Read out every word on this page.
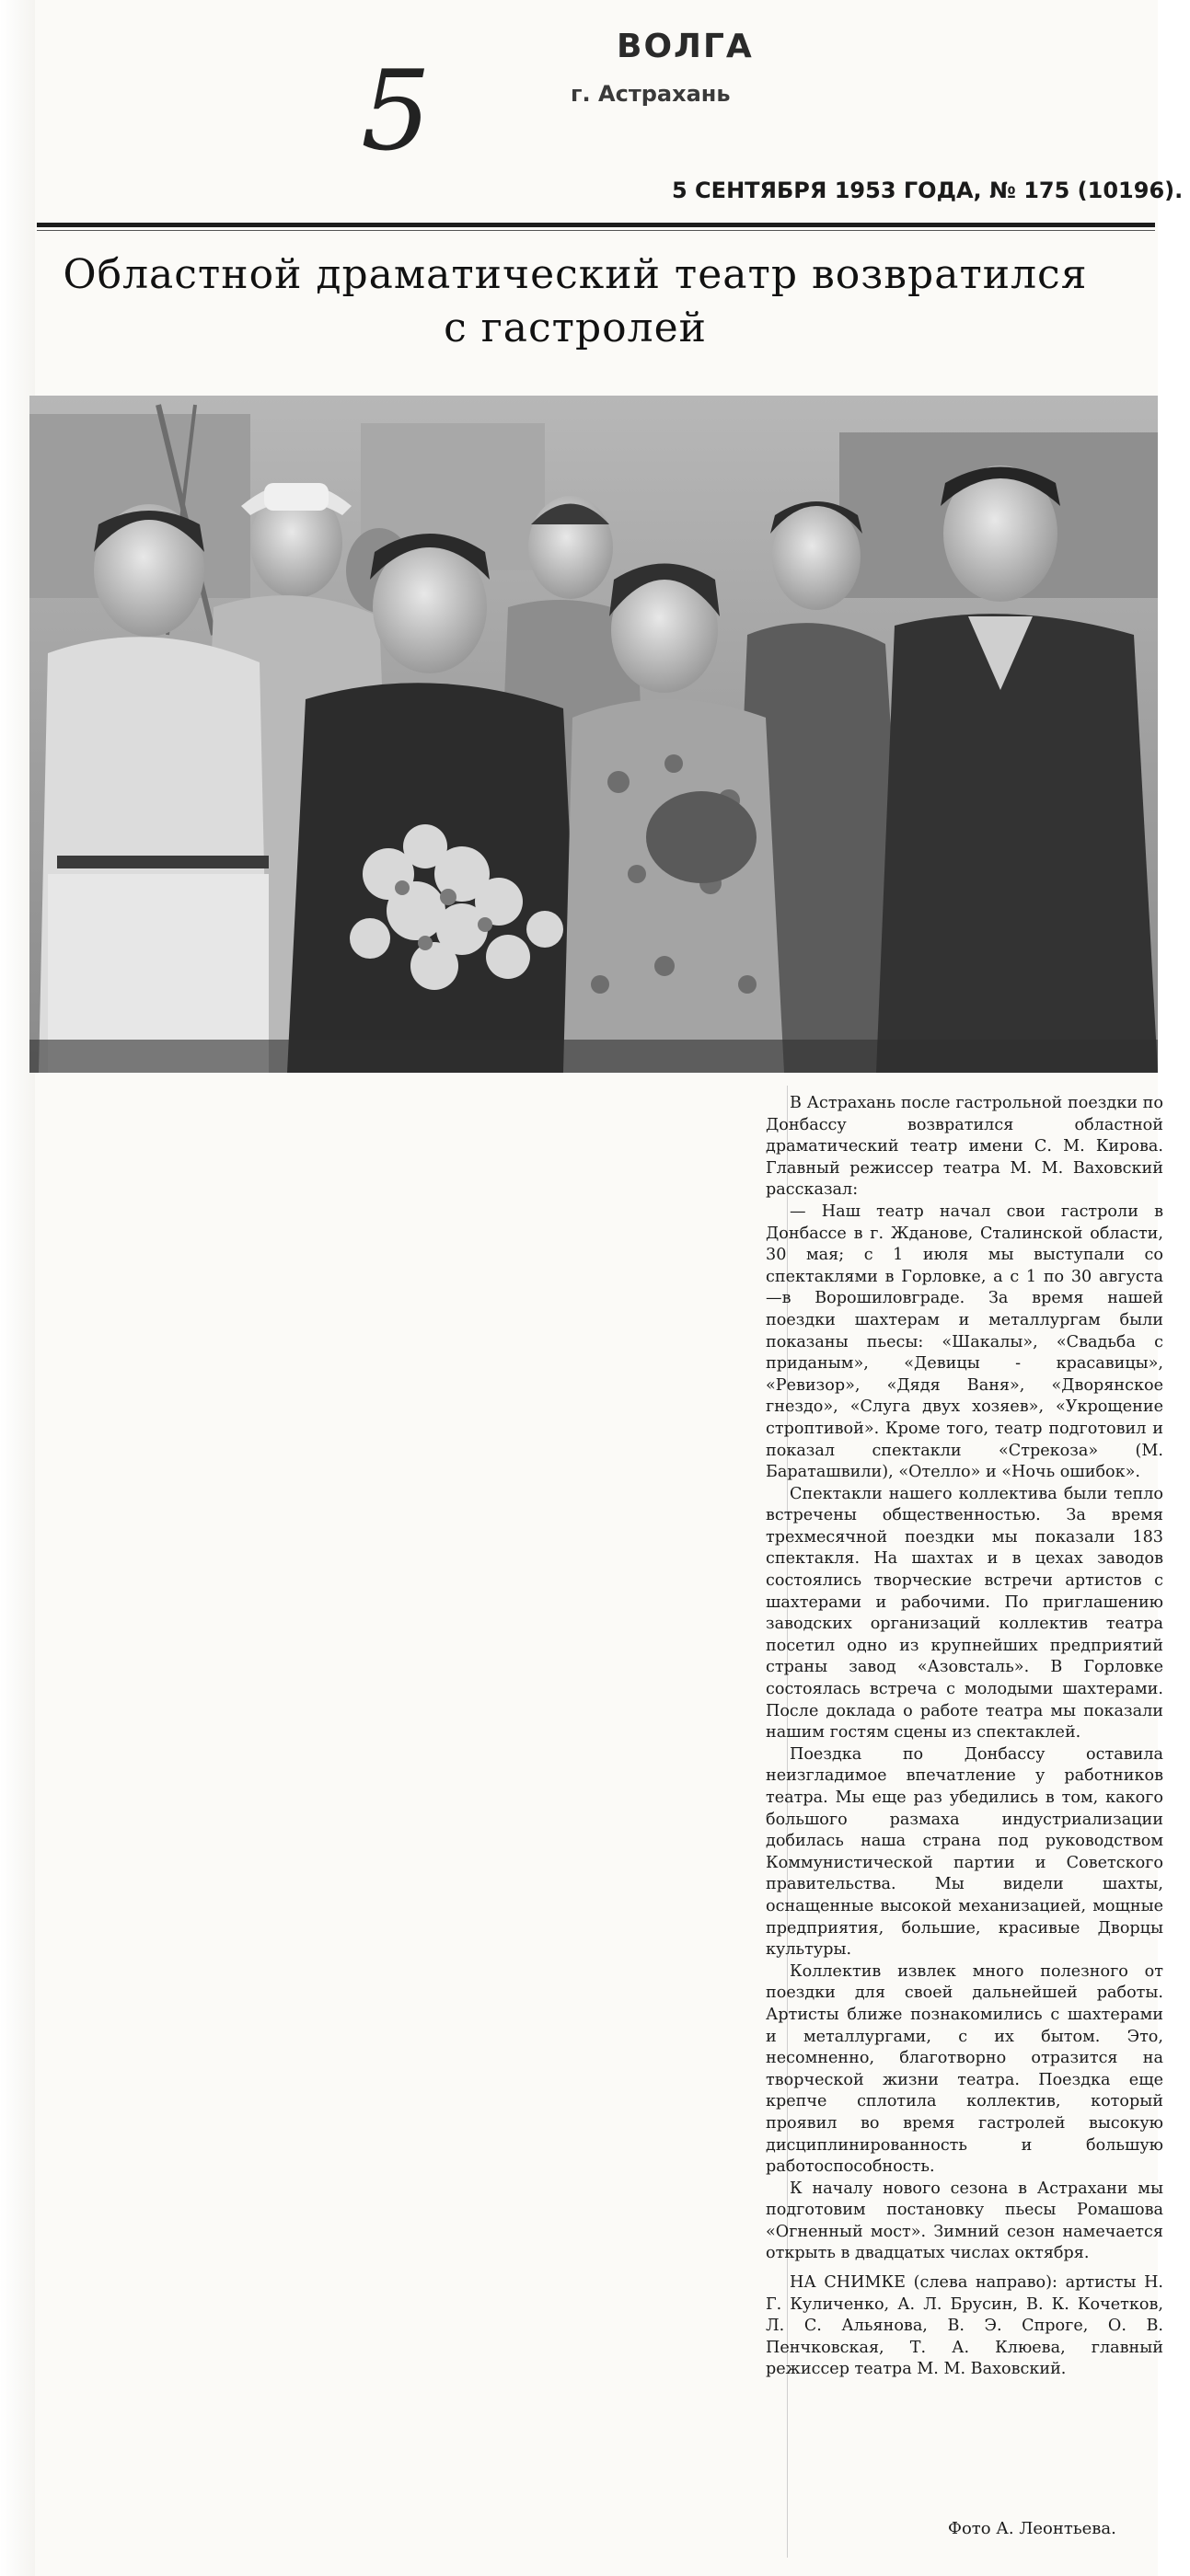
ВОЛГА
г. Астрахань
5
5 СЕНТЯБРЯ 1953 ГОДА, № 175 (10196).
Областной драматический театр возвратился
с гастролей

В Астрахань после гастрольной поездки по Донбассу возвратился областной драматический театр имени С. М. Кирова. Главный режиссер театра М. М. Ваховский рассказал:

— Наш театр начал свои гастроли в Донбассе в г. Жданове, Сталинской области, 30 мая; с 1 июля мы выступали со спектаклями в Горловке, а с 1 по 30 августа—в Ворошиловграде. За время нашей поездки шахтерам и металлургам были показаны пьесы: «Шакалы», «Свадьба с приданым», «Девицы - красавицы», «Ревизор», «Дядя Ваня», «Дворянское гнездо», «Слуга двух хозяев», «Укрощение строптивой». Кроме того, театр подготовил и показал спектакли «Стрекоза» (М. Бараташвили), «Отелло» и «Ночь ошибок».

Спектакли нашего коллектива были тепло встречены общественностью. За время трехмесячной поездки мы показали 183 спектакля. На шахтах и в цехах заводов состоялись творческие встречи артистов с шахтерами и рабочими. По приглашению заводских организаций коллектив театра посетил одно из крупнейших предприятий страны завод «Азовсталь». В Горловке состоялась встреча с молодыми шахтерами. После доклада о работе театра мы показали нашим гостям сцены из спектаклей.

Поездка по Донбассу оставила неизгладимое впечатление у работников театра. Мы еще раз убедились в том, какого большого размаха индустриализации добилась наша страна под руководством Коммунистической партии и Советского правительства. Мы видели шахты, оснащенные высокой механизацией, мощные предприятия, большие, красивые Дворцы культуры.

Коллектив извлек много полезного от поездки для своей дальнейшей работы. Артисты ближе познакомились с шахтерами и металлургами, с их бытом. Это, несомненно, благотворно отразится на творческой жизни театра. Поездка еще крепче сплотила коллектив, который проявил во время гастролей высокую дисциплинированность и большую работоспособность.

К началу нового сезона в Астрахани мы подготовим постановку пьесы Ромашова «Огненный мост». Зимний сезон намечается открыть в двадцатых числах октября.

НА СНИМКЕ (слева направо): артисты Н. Г. Куличенко, А. Л. Брусин, В. К. Кочетков, Л. С. Альянова, В. Э. Спроге, О. В. Пенчковская, Т. А. Клюева, главный режиссер театра М. М. Ваховский.

Фото А. Леонтьева.
